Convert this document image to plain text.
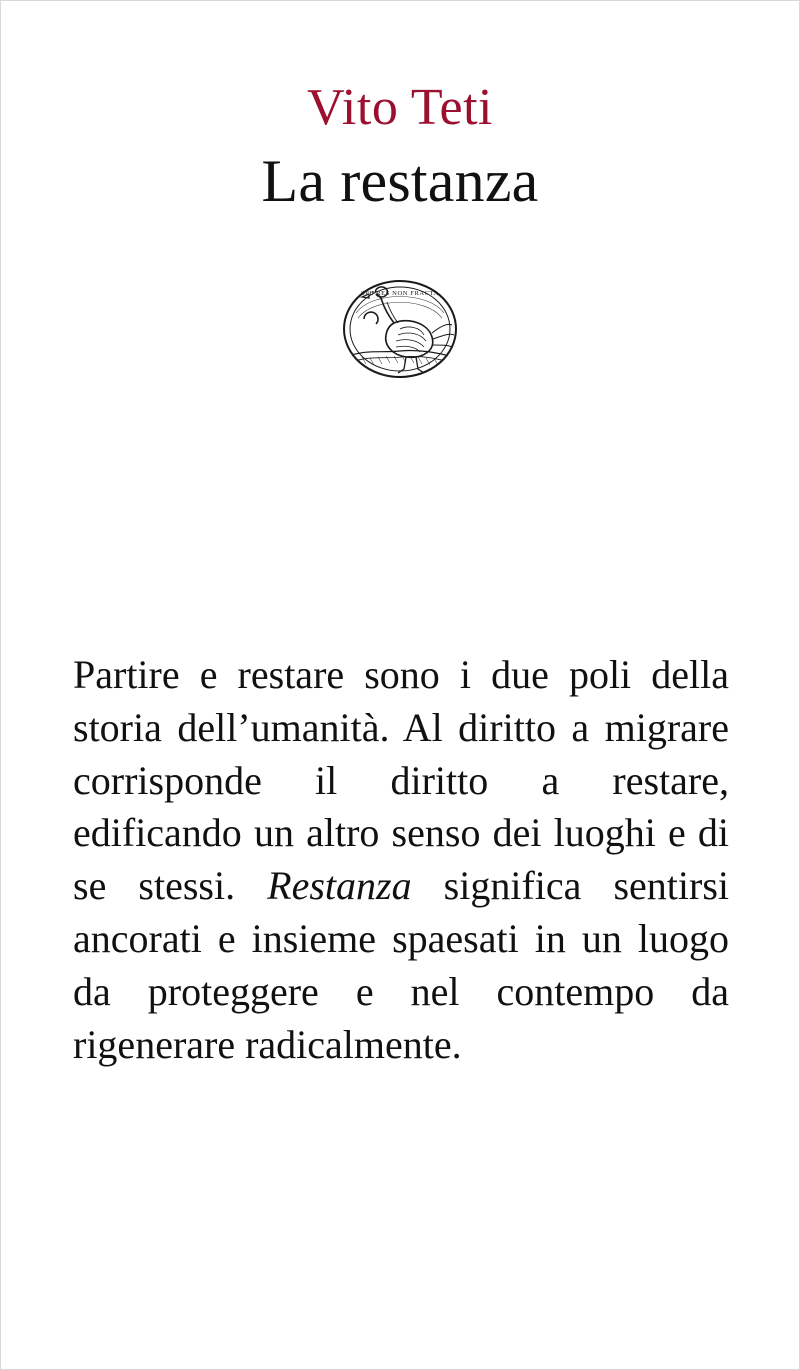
Vito Teti
La restanza
SPE RES NON FRACTA

Partire e restare sono i due poli della storia dell’umanità. Al diritto a migrare corrisponde il diritto a restare, edificando un altro senso dei luoghi e di se stessi. Restanza significa sentirsi ancorati e insieme spaesati in un luogo da proteggere e nel contempo da rigenerare radicalmente.
